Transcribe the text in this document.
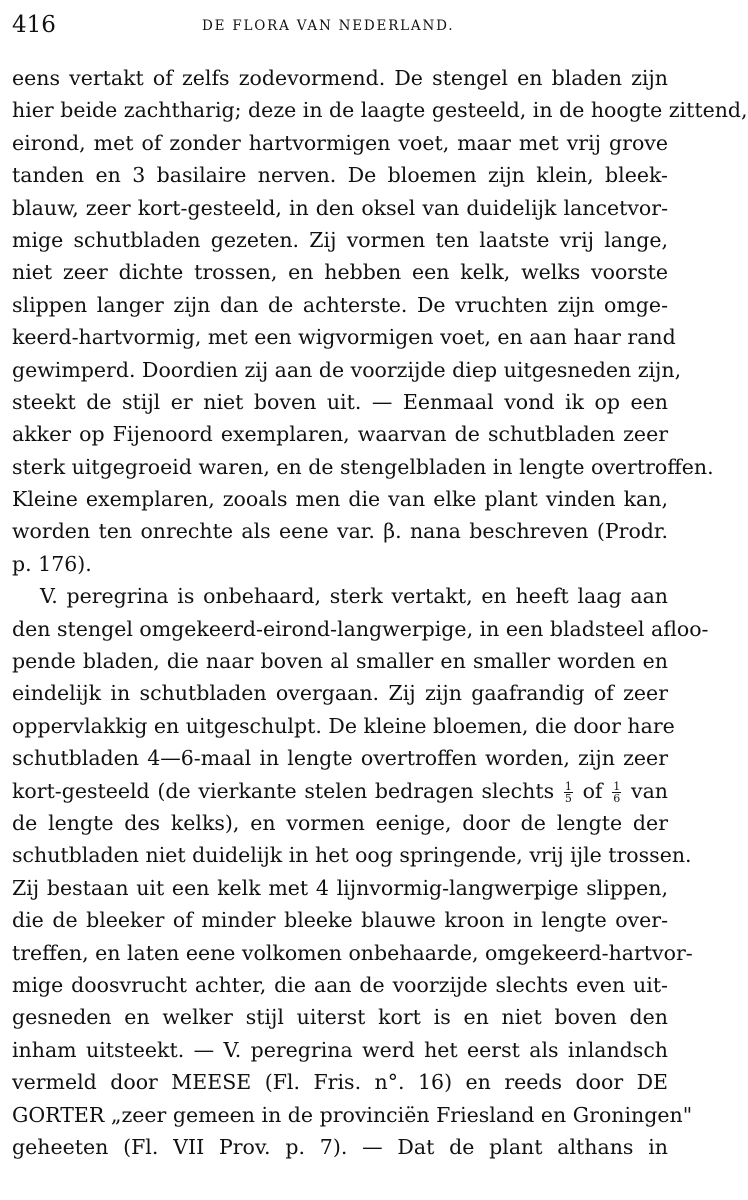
416	DE FLORA VAN NEDERLAND.
eens vertakt of zelfs zodevormend. De stengel en bladen zijn
hier beide zachtharig; deze in de laagte gesteeld, in de hoogte zittend,
eirond, met of zonder hartvormigen voet, maar met vrij grove
tanden en 3 basilaire nerven. De bloemen zijn klein, bleek-
blauw, zeer kort-gesteeld, in den oksel van duidelijk lancetvor-
mige schutbladen gezeten. Zij vormen ten laatste vrij lange,
niet zeer dichte trossen, en hebben een kelk, welks voorste
slippen langer zijn dan de achterste. De vruchten zijn omge-
keerd-hartvormig, met een wigvormigen voet, en aan haar rand
gewimperd. Doordien zij aan de voorzijde diep uitgesneden zijn,
steekt de stijl er niet boven uit. — Eenmaal vond ik op een
akker op Fijenoord exemplaren, waarvan de schutbladen zeer
sterk uitgegroeid waren, en de stengelbladen in lengte overtroffen.
Kleine exemplaren, zooals men die van elke plant vinden kan,
worden ten onrechte als eene var. β. nana beschreven (Prodr.
p. 176).
V. peregrina is onbehaard, sterk vertakt, en heeft laag aan
den stengel omgekeerd-eirond-langwerpige, in een bladsteel afloo-
pende bladen, die naar boven al smaller en smaller worden en
eindelijk in schutbladen overgaan. Zij zijn gaafrandig of zeer
oppervlakkig en uitgeschulpt. De kleine bloemen, die door hare
schutbladen 4—6-maal in lengte overtroffen worden, zijn zeer
kort-gesteeld (de vierkante stelen bedragen slechts $\frac{1}{5}$ of $\frac{1}{6}$ van
de lengte des kelks), en vormen eenige, door de lengte der
schutbladen niet duidelijk in het oog springende, vrij ijle trossen.
Zij bestaan uit een kelk met 4 lijnvormig-langwerpige slippen,
die de bleeker of minder bleeke blauwe kroon in lengte over-
treffen, en laten eene volkomen onbehaarde, omgekeerd-hartvor-
mige doosvrucht achter, die aan de voorzijde slechts even uit-
gesneden en welker stijl uiterst kort is en niet boven den
inham uitsteekt. — V. peregrina werd het eerst als inlandsch
vermeld door MEESE (Fl. Fris. n°. 16) en reeds door DE
GORTER „zeer gemeen in de provinciën Friesland en Groningen"
geheeten (Fl. VII Prov. p. 7). — Dat de plant althans in
